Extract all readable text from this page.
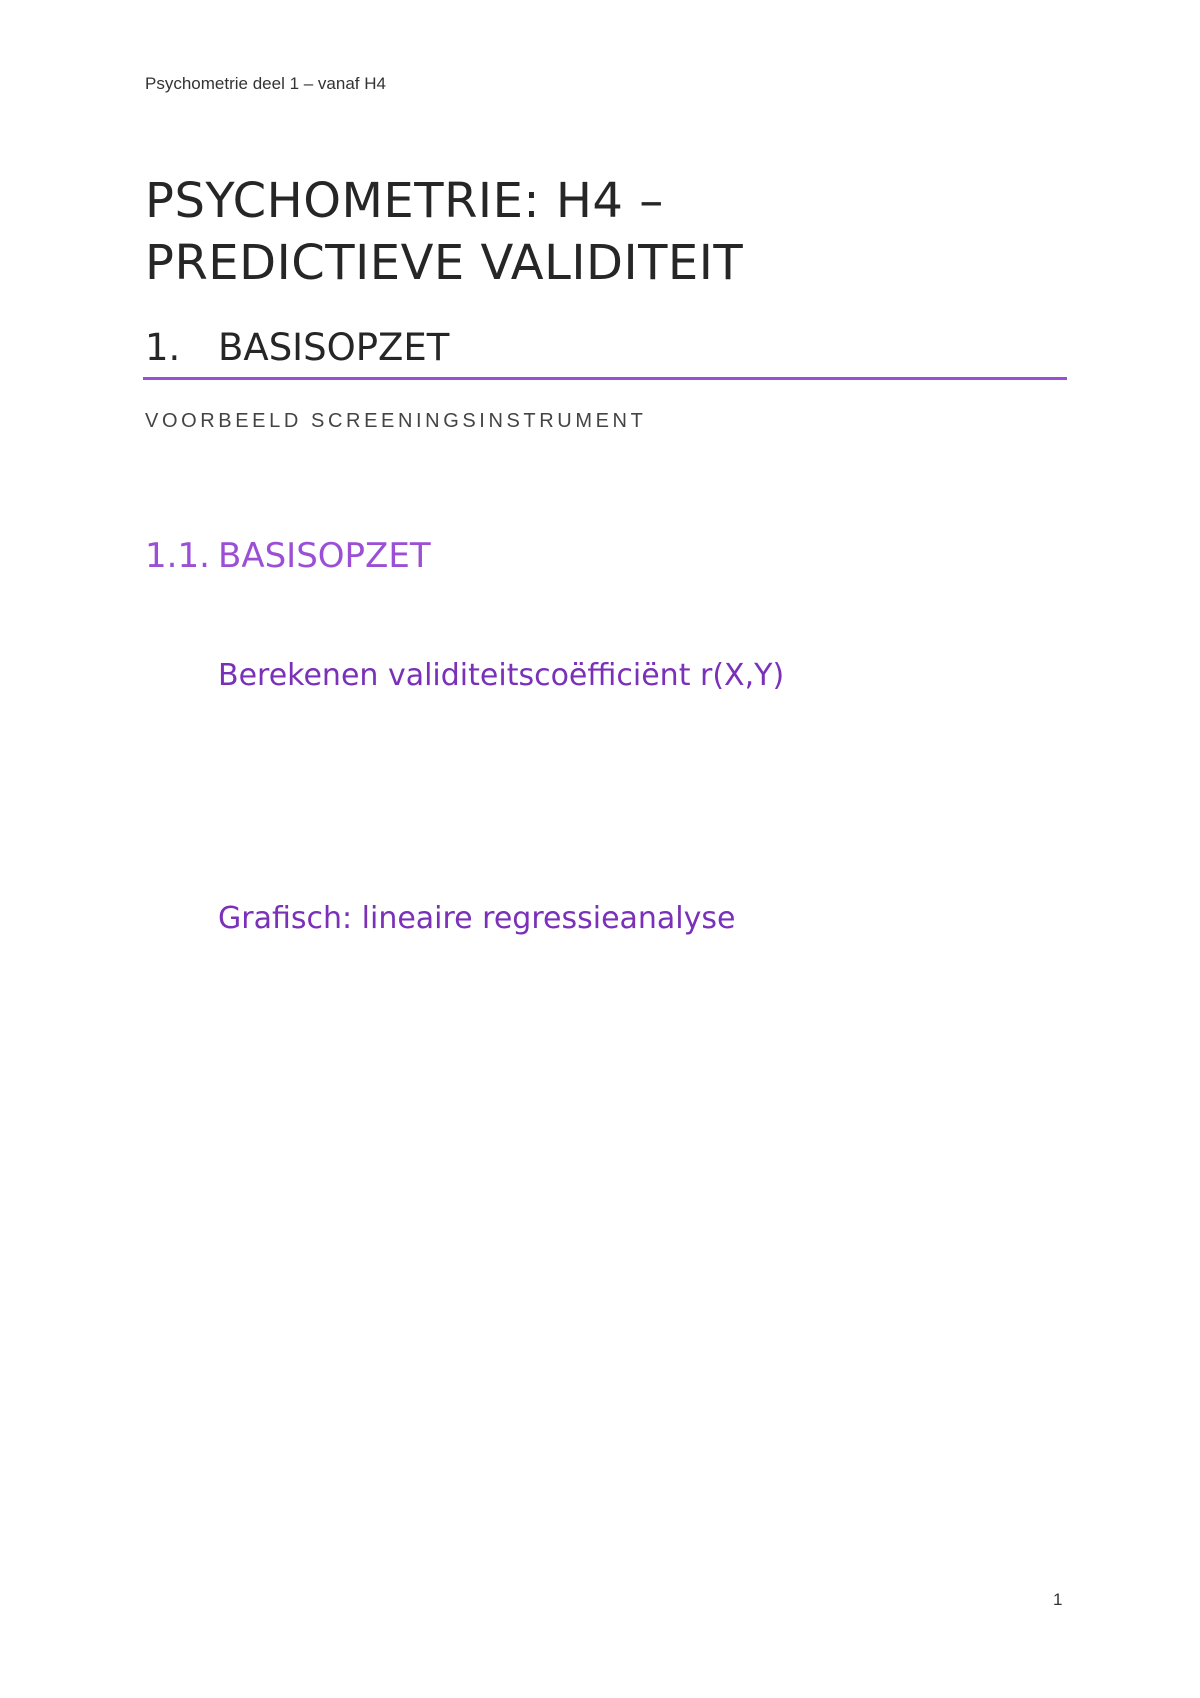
Psychometrie deel 1 – vanaf H4
PSYCHOMETRIE: H4 –
PREDICTIEVE VALIDITEIT
1. BASISOPZET
VOORBEELD SCREENINGSINSTRUMENT
1.1. BASISOPZET
Berekenen validiteitscoëfficiënt r(X,Y)
Grafisch: lineaire regressieanalyse
1
